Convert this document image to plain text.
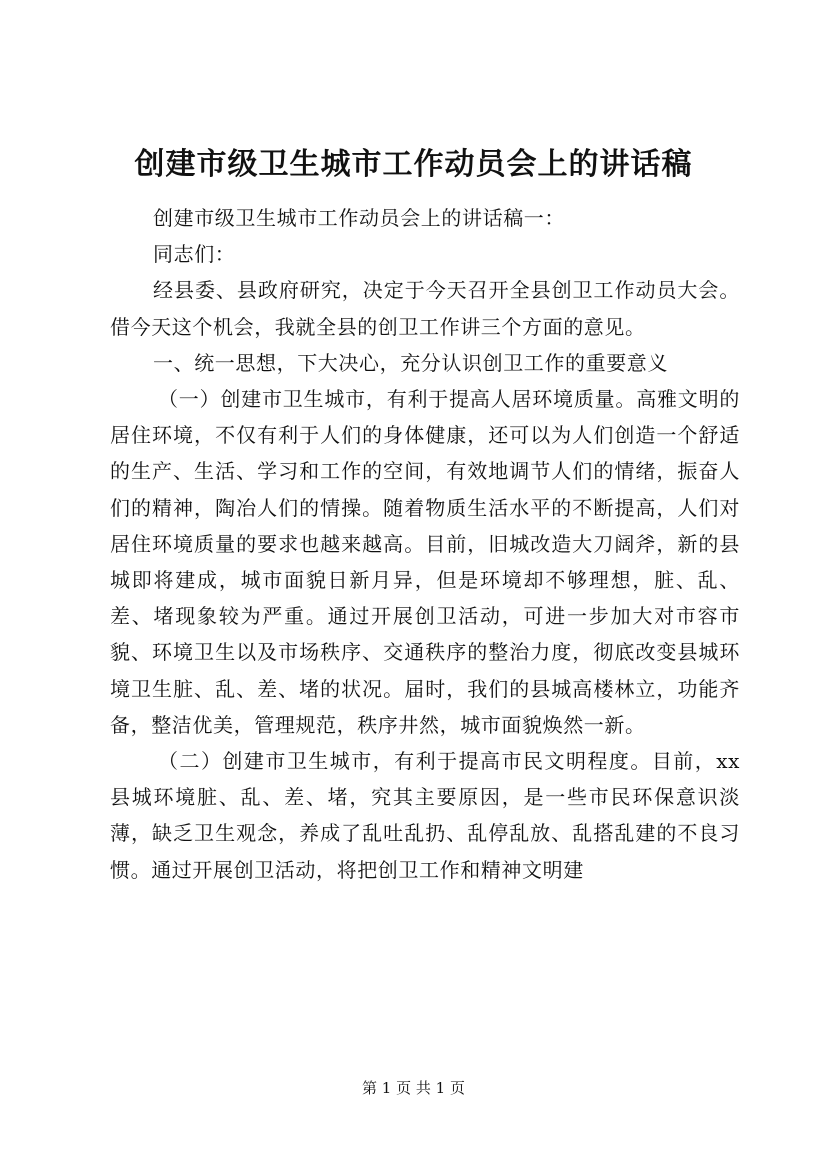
创建市级卫生城市工作动员会上的讲话稿

创建市级卫生城市工作动员会上的讲话稿一：

同志们：

经县委、县政府研究，决定于今天召开全县创卫工作动员大会。借今天这个机会，我就全县的创卫工作讲三个方面的意见。

一、统一思想，下大决心，充分认识创卫工作的重要意义

（一）创建市卫生城市，有利于提高人居环境质量。高雅文明的居住环境，不仅有利于人们的身体健康，还可以为人们创造一个舒适的生产、生活、学习和工作的空间，有效地调节人们的情绪，振奋人们的精神，陶冶人们的情操。随着物质生活水平的不断提高，人们对居住环境质量的要求也越来越高。目前，旧城改造大刀阔斧，新的县城即将建成，城市面貌日新月异，但是环境却不够理想，脏、乱、差、堵现象较为严重。通过开展创卫活动，可进一步加大对市容市貌、环境卫生以及市场秩序、交通秩序的整治力度，彻底改变县城环境卫生脏、乱、差、堵的状况。届时，我们的县城高楼林立，功能齐备，整洁优美，管理规范，秩序井然，城市面貌焕然一新。

（二）创建市卫生城市，有利于提高市民文明程度。目前，xx 县城环境脏、乱、差、堵，究其主要原因，是一些市民环保意识淡薄，缺乏卫生观念，养成了乱吐乱扔、乱停乱放、乱搭乱建的不良习惯。通过开展创卫活动，将把创卫工作和精神文明建

第 1 页 共 1 页
